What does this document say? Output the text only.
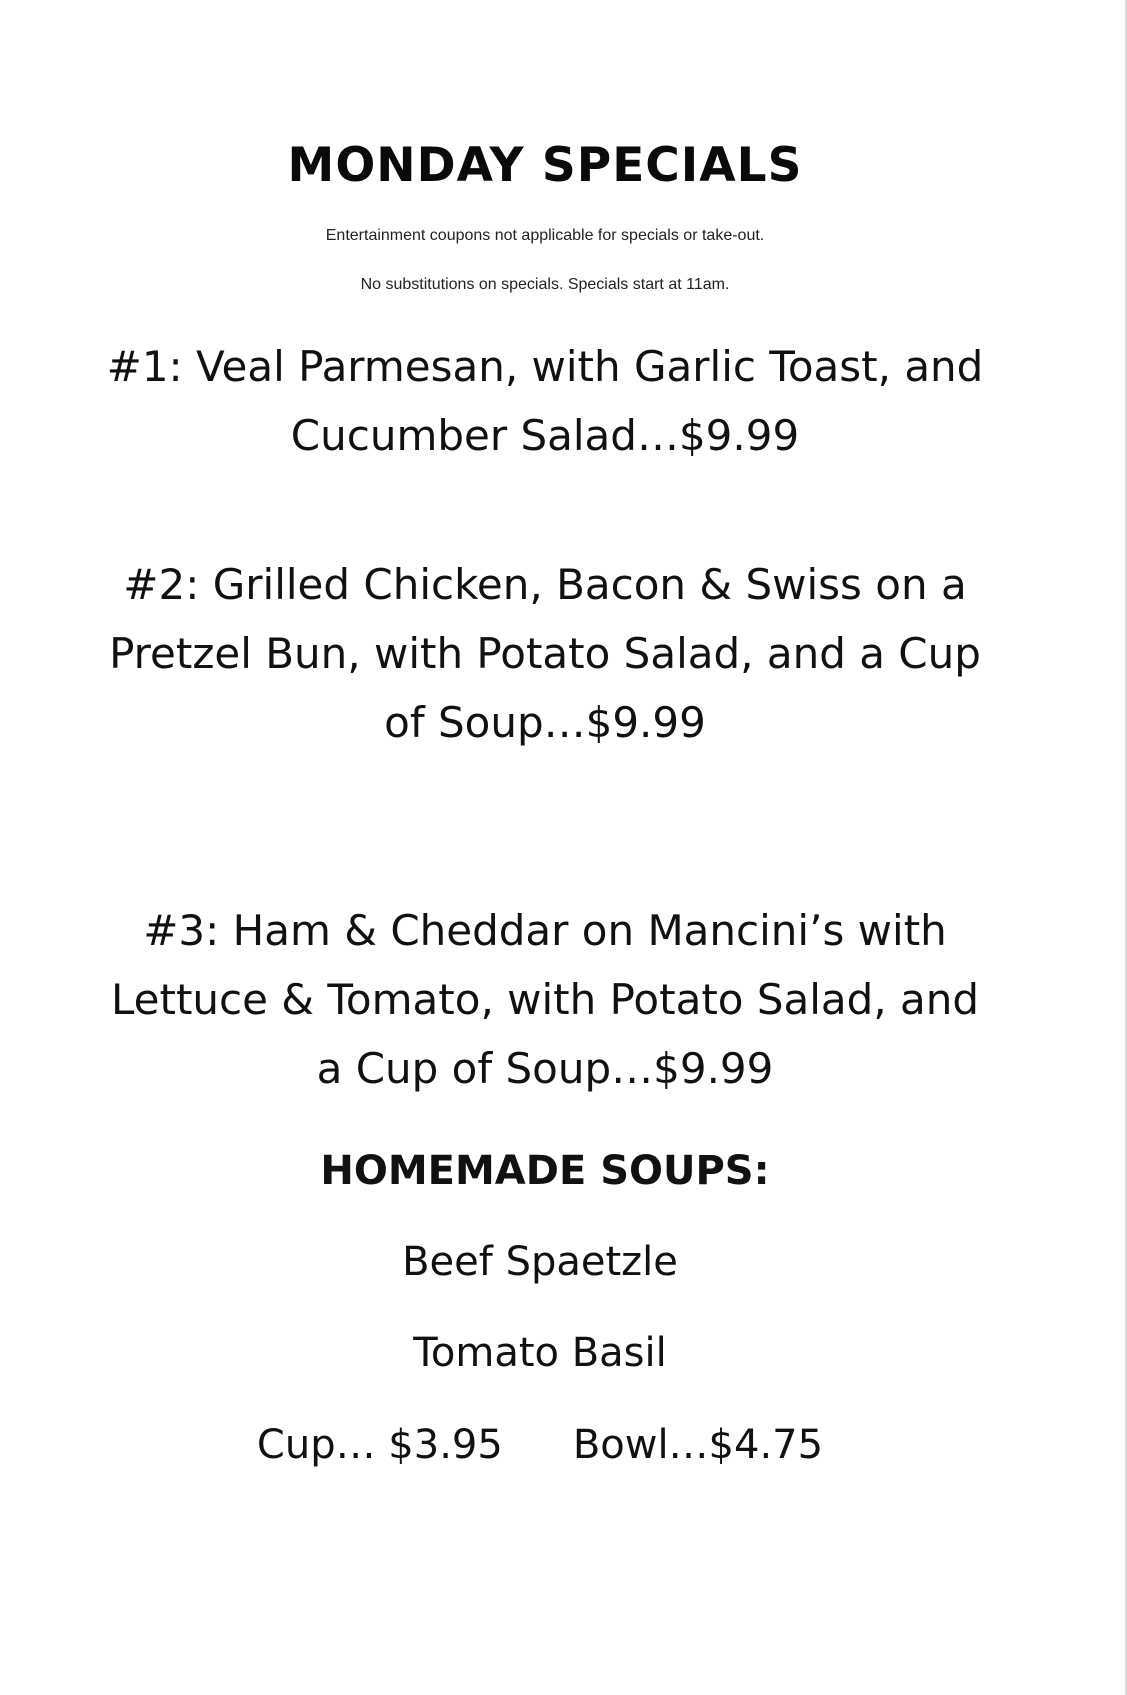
MONDAY SPECIALS
Entertainment coupons not applicable for specials or take-out.
No substitutions on specials. Specials start at 11am.
#1: Veal Parmesan, with Garlic Toast, and
Cucumber Salad…$9.99
#2: Grilled Chicken, Bacon & Swiss on a
Pretzel Bun, with Potato Salad, and a Cup
of Soup…$9.99
#3: Ham & Cheddar on Mancini’s with
Lettuce & Tomato, with Potato Salad, and
a Cup of Soup…$9.99
HOMEMADE SOUPS:
Beef Spaetzle
Tomato Basil
Cup… $3.95 Bowl…$4.75
